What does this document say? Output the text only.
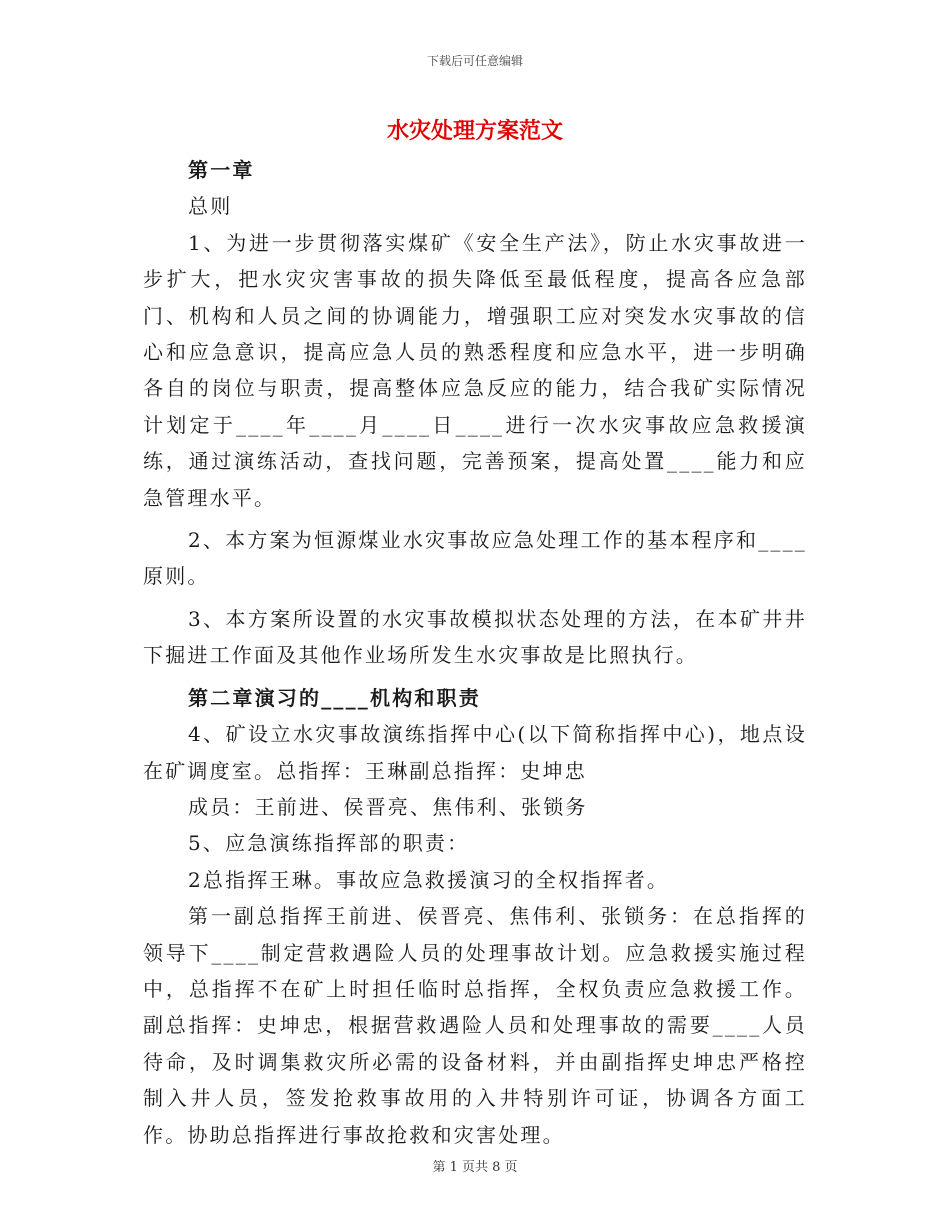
下载后可任意编辑
水灾处理方案范文

第一章

总则

1、为进一步贯彻落实煤矿《安全生产法》，防止水灾事故进一步扩大，把水灾灾害事故的损失降低至最低程度，提高各应急部门、机构和人员之间的协调能力，增强职工应对突发水灾事故的信心和应急意识，提高应急人员的熟悉程度和应急水平，进一步明确各自的岗位与职责，提高整体应急反应的能力，结合我矿实际情况计划定于____年____月____日____进行一次水灾事故应急救援演练，通过演练活动，查找问题，完善预案，提高处置____能力和应急管理水平。

2、本方案为恒源煤业水灾事故应急处理工作的基本程序和____原则。

3、本方案所设置的水灾事故模拟状态处理的方法，在本矿井井下掘进工作面及其他作业场所发生水灾事故是比照执行。

第二章演习的____机构和职责

4、矿设立水灾事故演练指挥中心(以下简称指挥中心)，地点设在矿调度室。总指挥：王琳副总指挥：史坤忠

成员：王前进、侯晋亮、焦伟利、张锁务

5、应急演练指挥部的职责：

2总指挥王琳。事故应急救援演习的全权指挥者。

第一副总指挥王前进、侯晋亮、焦伟利、张锁务：在总指挥的领导下____制定营救遇险人员的处理事故计划。应急救援实施过程中，总指挥不在矿上时担任临时总指挥，全权负责应急救援工作。副总指挥：史坤忠，根据营救遇险人员和处理事故的需要____人员待命，及时调集救灾所必需的设备材料，并由副指挥史坤忠严格控制入井人员，签发抢救事故用的入井特别许可证，协调各方面工作。协助总指挥进行事故抢救和灾害处理。

第 1 页共 8 页
